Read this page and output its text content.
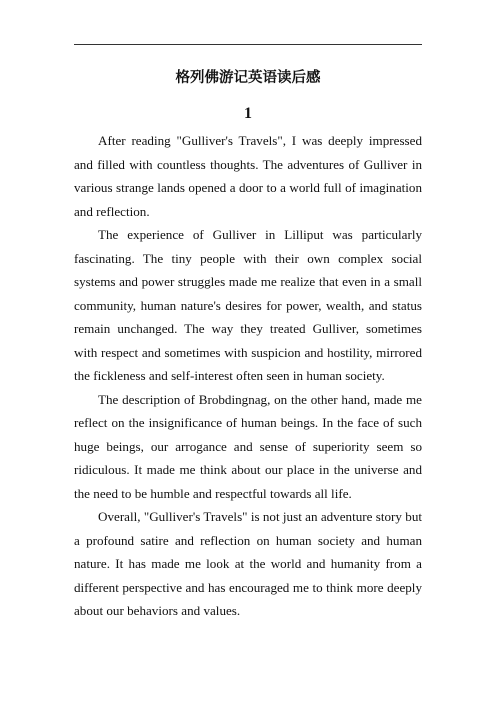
格列佛游记英语读后感
1

After reading "Gulliver's Travels", I was deeply impressed and filled with countless thoughts. The adventures of Gulliver in various strange lands opened a door to a world full of imagination and reflection.

The experience of Gulliver in Lilliput was particularly fascinating. The tiny people with their own complex social systems and power struggles made me realize that even in a small community, human nature's desires for power, wealth, and status remain unchanged. The way they treated Gulliver, sometimes with respect and sometimes with suspicion and hostility, mirrored the fickleness and self-interest often seen in human society.

The description of Brobdingnag, on the other hand, made me reflect on the insignificance of human beings. In the face of such huge beings, our arrogance and sense of superiority seem so ridiculous. It made me think about our place in the universe and the need to be humble and respectful towards all life.

Overall, "Gulliver's Travels" is not just an adventure story but a profound satire and reflection on human society and human nature. It has made me look at the world and humanity from a different perspective and has encouraged me to think more deeply about our behaviors and values.
